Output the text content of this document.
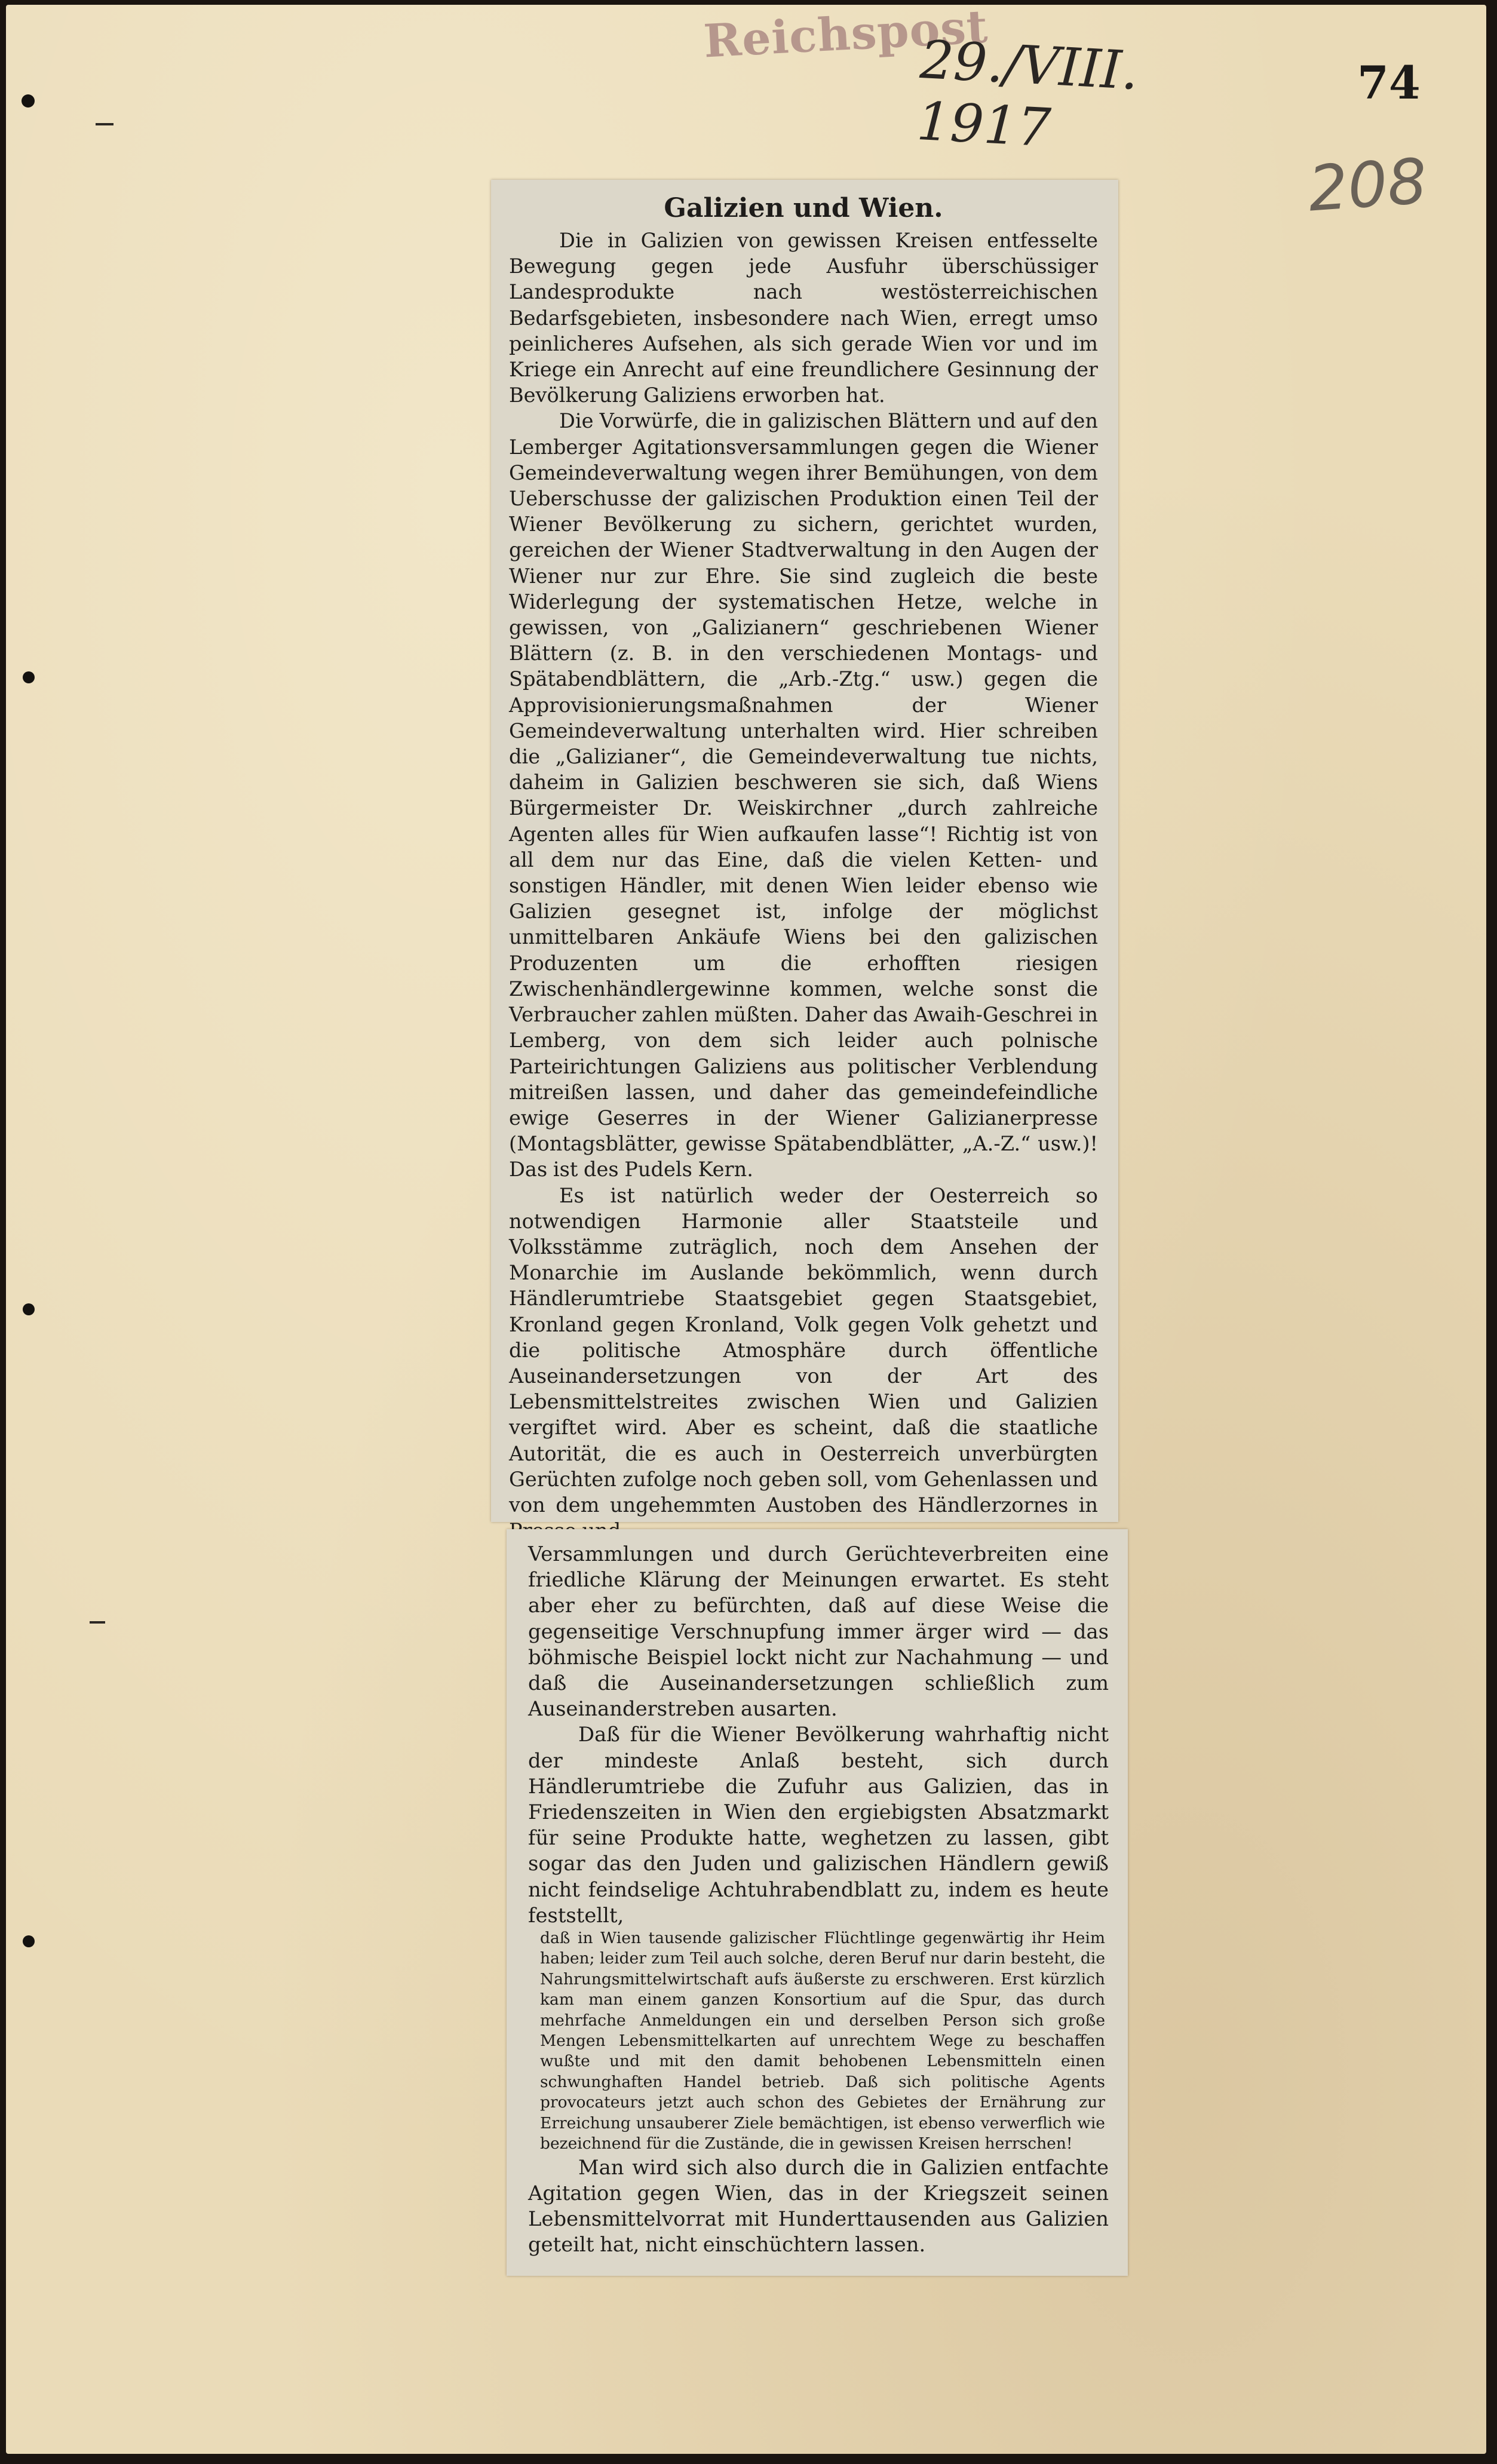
Reichspost
29./VIII. 1917
74
208
Galizien und Wien.

Die in Galizien von gewissen Kreisen entfesselte Bewegung gegen jede Ausfuhr überschüssiger Landesprodukte nach westösterreichischen Bedarfsgebieten, insbesondere nach Wien, erregt umso peinlicheres Aufsehen, als sich gerade Wien vor und im Kriege ein Anrecht auf eine freundlichere Gesinnung der Bevölkerung Galiziens erworben hat.

Die Vorwürfe, die in galizischen Blättern und auf den Lemberger Agitationsversammlungen gegen die Wiener Gemeindeverwaltung wegen ihrer Bemühungen, von dem Ueberschusse der galizischen Produktion einen Teil der Wiener Bevölkerung zu sichern, gerichtet wurden, gereichen der Wiener Stadtverwaltung in den Augen der Wiener nur zur Ehre. Sie sind zugleich die beste Widerlegung der systematischen Hetze, welche in gewissen, von „Galizianern“ geschriebenen Wiener Blättern (z. B. in den verschiedenen Montags- und Spätabendblättern, die „Arb.-Ztg.“ usw.) gegen die Approvisionierungsmaßnahmen der Wiener Gemeindeverwaltung unterhalten wird. Hier schreiben die „Galizianer“, die Gemeindeverwaltung tue nichts, daheim in Galizien beschweren sie sich, daß Wiens Bürgermeister Dr. Weiskirchner „durch zahlreiche Agenten alles für Wien aufkaufen lasse“! Richtig ist von all dem nur das Eine, daß die vielen Ketten- und sonstigen Händler, mit denen Wien leider ebenso wie Galizien gesegnet ist, infolge der möglichst unmittelbaren Ankäufe Wiens bei den galizischen Produzenten um die erhofften riesigen Zwischenhändlergewinne kommen, welche sonst die Verbraucher zahlen müßten. Daher das Awaih-Geschrei in Lemberg, von dem sich leider auch polnische Parteirichtungen Galiziens aus politischer Verblendung mitreißen lassen, und daher das gemeindefeindliche ewige Geserres in der Wiener Galizianerpresse (Montagsblätter, gewisse Spätabendblätter, „A.-Z.“ usw.)! Das ist des Pudels Kern.

Es ist natürlich weder der Oesterreich so notwendigen Harmonie aller Staatsteile und Volksstämme zuträglich, noch dem Ansehen der Monarchie im Auslande bekömmlich, wenn durch Händlerumtriebe Staatsgebiet gegen Staatsgebiet, Kronland gegen Kronland, Volk gegen Volk gehetzt und die politische Atmosphäre durch öffentliche Auseinandersetzungen von der Art des Lebensmittelstreites zwischen Wien und Galizien vergiftet wird. Aber es scheint, daß die staatliche Autorität, die es auch in Oesterreich unverbürgten Gerüchten zufolge noch geben soll, vom Gehenlassen und von dem ungehemmten Austoben des Händlerzornes in

Versammlungen und durch Gerüchteverbreiten eine friedliche Klärung der Meinungen erwartet. Es steht aber eher zu befürchten, daß auf diese Weise die gegenseitige Verschnupfung immer ärger wird — das böhmische Beispiel lockt nicht zur Nachahmung — und daß die Auseinandersetzungen schließlich zum Auseinanderstreben ausarten.

Daß für die Wiener Bevölkerung wahrhaftig nicht der mindeste Anlaß besteht, sich durch Händlerumtriebe die Zufuhr aus Galizien, das in Friedenszeiten in Wien den ergiebigsten Absatzmarkt für seine Produkte hatte, weghetzen zu lassen, gibt sogar das den Juden und galizischen Händlern gewiß nicht feindselige Achtuhrabendblatt zu, indem es heute feststellt,

daß in Wien tausende galizischer Flüchtlinge gegenwärtig ihr Heim haben; leider zum Teil auch solche, deren Beruf nur darin besteht, die Nahrungsmittelwirtschaft aufs äußerste zu erschweren. Erst kürzlich kam man einem ganzen Konsortium auf die Spur, das durch mehrfache Anmeldungen ein und derselben Person sich große Mengen Lebensmittelkarten auf unrechtem Wege zu beschaffen wußte und mit den damit behobenen Lebensmitteln einen schwunghaften Handel betrieb. Daß sich politische Agents provocateurs jetzt auch schon des Gebietes der Ernährung zur Erreichung unsauberer Ziele bemächtigen, ist ebenso verwerflich wie bezeichnend für die Zustände, die in gewissen Kreisen herrschen!

Man wird sich also durch die in Galizien entfachte Agitation gegen Wien, das in der Kriegszeit seinen Lebensmittelvorrat mit Hunderttausenden aus Galizien geteilt hat, nicht einschüchtern lassen.
